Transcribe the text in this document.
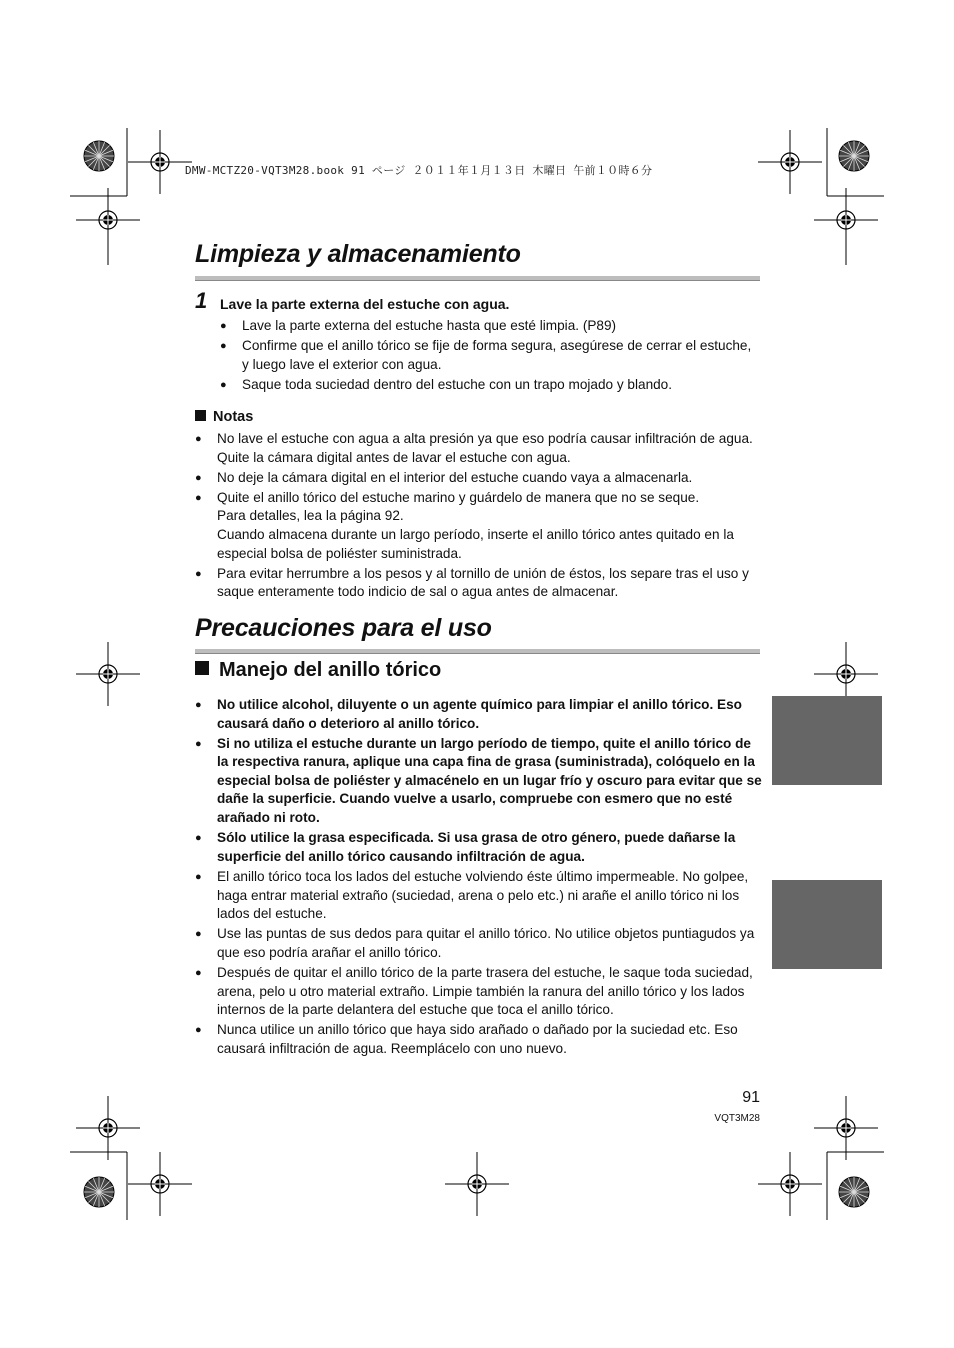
DMW-MCTZ20-VQT3M28.book 91 ページ ２０１１年１月１３日 木曜日 午前１０時６分
Limpieza y almacenamiento
1 Lave la parte externa del estuche con agua.
● Lave la parte externa del estuche hasta que esté limpia. (P89)
● Confirme que el anillo tórico se fije de forma segura, asegúrese de cerrar el estuche, y luego lave el exterior con agua.
● Saque toda suciedad dentro del estuche con un trapo mojado y blando.
Notas
● No lave el estuche con agua a alta presión ya que eso podría causar infiltración de agua. Quite la cámara digital antes de lavar el estuche con agua.
● No deje la cámara digital en el interior del estuche cuando vaya a almacenarla.
● Quite el anillo tórico del estuche marino y guárdelo de manera que no se seque.
Para detalles, lea la página 92.
Cuando almacena durante un largo período, inserte el anillo tórico antes quitado en la especial bolsa de poliéster suministrada.
● Para evitar herrumbre a los pesos y al tornillo de unión de éstos, los separe tras el uso y saque enteramente todo indicio de sal o agua antes de almacenar.
Precauciones para el uso
Manejo del anillo tórico
● No utilice alcohol, diluyente o un agente químico para limpiar el anillo tórico. Eso causará daño o deterioro al anillo tórico.
● Si no utiliza el estuche durante un largo período de tiempo, quite el anillo tórico de la respectiva ranura, aplique una capa fina de grasa (suministrada), colóquelo en la especial bolsa de poliéster y almacénelo en un lugar frío y oscuro para evitar que se dañe la superficie. Cuando vuelve a usarlo, compruebe con esmero que no esté arañado ni roto.
● Sólo utilice la grasa especificada. Si usa grasa de otro género, puede dañarse la superficie del anillo tórico causando infiltración de agua.
● El anillo tórico toca los lados del estuche volviendo éste último impermeable. No golpee, haga entrar material extraño (suciedad, arena o pelo etc.) ni arañe el anillo tórico ni los lados del estuche.
● Use las puntas de sus dedos para quitar el anillo tórico. No utilice objetos puntiagudos ya que eso podría arañar el anillo tórico.
● Después de quitar el anillo tórico de la parte trasera del estuche, le saque toda suciedad, arena, pelo u otro material extraño. Limpie también la ranura del anillo tórico y los lados internos de la parte delantera del estuche que toca el anillo tórico.
● Nunca utilice un anillo tórico que haya sido arañado o dañado por la suciedad etc. Eso causará infiltración de agua. Reemplácelo con uno nuevo.
91
VQT3M28
